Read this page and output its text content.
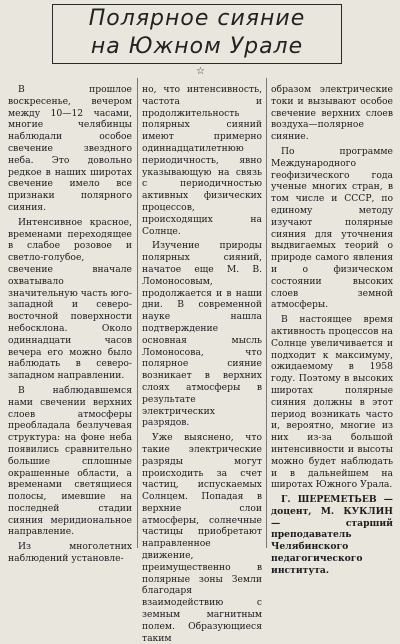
Полярное сияние
на Южном Урале
☆

В прошлое воскресенье, вечером между 10—12 часами, многие челябинцы наблюдали особое свечение звездного неба. Это довольно редкое в наших широтах свечение имело все признаки полярного сияния.

Интенсивное красное, временами переходящее в слабое розовое и светло-голубое, свечение вначале охватывало значительную часть юго-западной и северо-восточной поверхности небосклона. Около одиннадцати часов вечера его можно было наблюдать в северо-западном направлении.

В наблюдавшемся нами свечении верхних слоев атмосферы преобладала безлучевая структура: на фоне неба появились сравнительно большие сплошные окрашенные области, а временами светящиеся полосы, имевшие на последней стадии сияния меридиональное направление.

Из многолетних наблюдений установле-

но, что интенсивность, частота и продолжительность полярных сияний имеют примерно одиннадцатилетнюю периодичность, явно указывающую на связь с периодичностью активных физических процессов, происходящих на Солнце.

Изучение природы полярных сияний, начатое еще М. В. Ломоносовым, продолжается и в наши дни. В современной науке нашла подтверждение основная мысль Ломоносова, что полярное сияние возникает в верхних слоях атмосферы в результате электрических разрядов.

Уже выяснено, что такие электрические разряды могут происходить за счет частиц, испускаемых Солнцем. Попадая в верхние слои атмосферы, солнечные частицы приобретают направленное движение, преимущественно в полярные зоны Земли благодаря взаимодействию с земным магнитным полем. Образующиеся таким

образом электрические токи и вызывают особое свечение верхних слоев воздуха—полярное сияние.

По программе Международного геофизического года ученые многих стран, в том числе и СССР, по единому методу изучают полярные сияния для уточнения выдвигаемых теорий о природе самого явления и о физическом состоянии высоких слоев земной атмосферы.

В настоящее время активность процессов на Солнце увеличивается и подходит к максимуму, ожидаемому в 1958 году. Поэтому в высоких широтах полярные сияния должны в этот период возникать часто и, вероятно, многие из них из-за большой интенсивности и высоты можно будет наблюдать и в дальнейшем на широтах Южного Урала.

Г. ШЕРЕМЕТЬЕВ — доцент, М. КУКЛИН — старший преподаватель Челябинского педагогического института.
